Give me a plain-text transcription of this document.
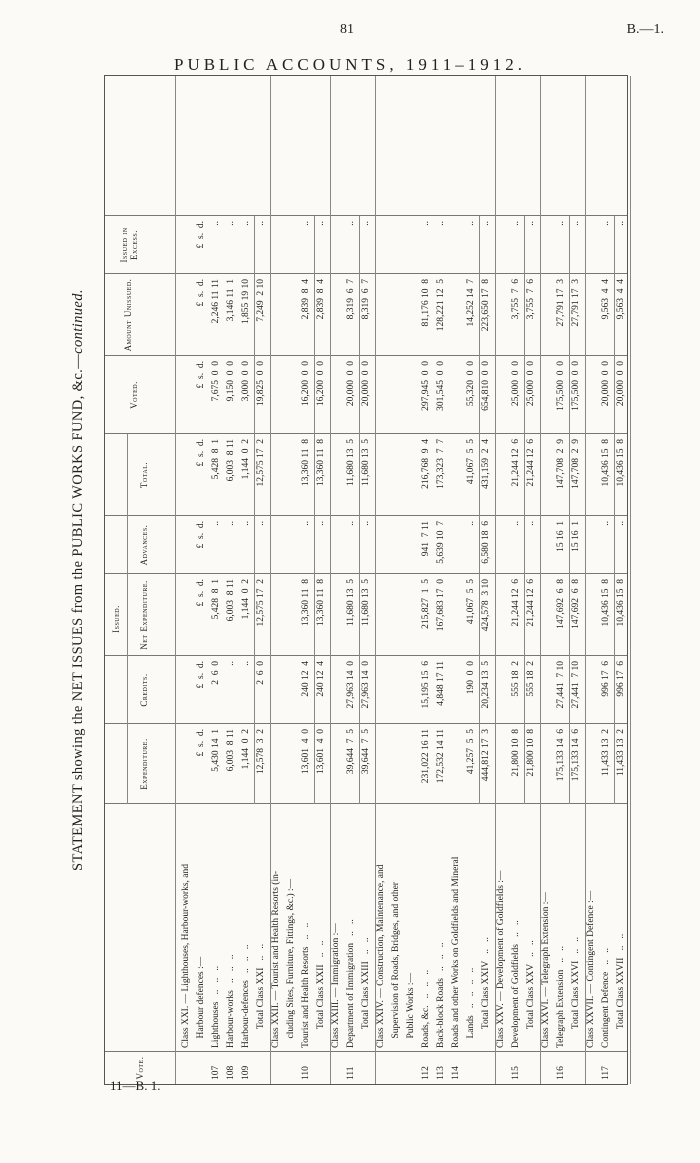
81	B.—1.
PUBLIC ACCOUNTS, 1911–1912.
STATEMENT showing the NET ISSUES from the PUBLIC WORKS FUND, &c.—continued.
Vote.
Issued.
Expenditure.
Credits.
Net Expenditure.
Advances.
Total.
Voted.
Amount Unissued.
Issued in Excess.
Class XXI. — Lighthouses, Harbour-works, and Harbour defences :—
£  s.  d.
£  s.  d.
£  s.  d.
£  s.  d.
£  s.  d.
£  s.  d.
£  s.  d.
£  s.  d.
107
Lighthouses   ..   ..   ..
5,430 14  1
2  6  0
5,428  8  1
..
5,428  8  1
7,675  0  0
2,246 11 11
..
108
Harbour-works   ..   ..   ..
6,003  8 11
..
6,003  8 11
..
6,003  8 11
9,150  0  0
3,146 11  1
..
109
Harbour-defences   ..   ..   ..
1,144  0  2
..
1,144  0  2
..
1,144  0  2
3,000  0  0
1,855 19 10
..
Total Class XXI   ..   ..
12,578  3  2
2  6  0
12,575 17  2
..
12,575 17  2
19,825  0  0
7,249  2 10
..
Class XXII. — Tourist and Health Resorts (in- cluding Sites, Furniture, Fittings, &c.) :—
110
Tourist and Health Resorts   ..   ..
13,601  4  0
240 12  4
13,360 11  8
..
13,360 11  8
16,200  0  0
2,839  8  4
..
Total Class XXII   ..   ..
13,601  4  0
240 12  4
13,360 11  8
..
13,360 11  8
16,200  0  0
2,839  8  4
..
Class XXIII. — Immigration :—
111
Department of Immigration   ..   ..
39,644  7  5
27,963 14  0
11,680 13  5
..
11,680 13  5
20,000  0  0
8,319  6  7
..
Total Class XXIII   ..   ..
39,644  7  5
27,963 14  0
11,680 13  5
..
11,680 13  5
20,000  0  0
8,319  6  7
..
Class XXIV. — Construction, Maintenance, and Supervision of Roads, Bridges, and other Public Works :—
112
Roads, &c.   ..   ..   ..
231,022 16 11
15,195 15  6
215,827  1  5
941  7 11
216,768  9  4
297,945  0  0
81,176 10  8
..
113
Back-block Roads   ..   ..   ..
172,532 14 11
4,848 17 11
167,683 17  0
5,639 10  7
173,323  7  7
301,545  0  0
128,221 12  5
..
114
Roads and other Works on Goldfields and Mineral Lands   ..   ..   ..   ..
41,257  5  5
190  0  0
41,067  5  5
..
41,067  5  5
55,320  0  0
14,252 14  7
..
Total Class XXIV   ..   ..
444,812 17  3
20,234 13  5
424,578  3 10
6,580 18  6
431,159  2  4
654,810  0  0
223,650 17  8
..
Class XXV. — Development of Goldfields :—
115
Development of Goldfields   ..   ..
21,800 10  8
555 18  2
21,244 12  6
..
21,244 12  6
25,000  0  0
3,755  7  6
..
Total Class XXV   ..   ..
21,800 10  8
555 18  2
21,244 12  6
..
21,244 12  6
25,000  0  0
3,755  7  6
..
Class XXVI. — Telegraph Extension :—
116
Telegraph Extension   ..   ..
175,133 14  6
27,441  7 10
147,692  6  8
15 16  1
147,708  2  9
175,500  0  0
27,791 17  3
..
Total Class XXVI   ..   ..
175,133 14  6
27,441  7 10
147,692  6  8
15 16  1
147,708  2  9
175,500  0  0
27,791 17  3
..
Class XXVII. — Contingent Defence :—
117
Contingent Defence   ..   ..
11,433 13  2
996 17  6
10,436 15  8
..
10,436 15  8
20,000  0  0
9,563  4  4
..
Total Class XXVII   ..   ..
11,433 13  2
996 17  6
10,436 15  8
..
10,436 15  8
20,000  0  0
9,563  4  4
..
11—B. 1.
